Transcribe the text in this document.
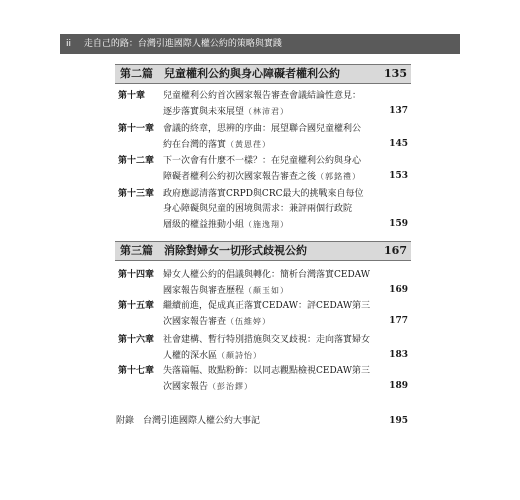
ii 走自己的路：台灣引進國際人權公約的策略與實踐
第二篇　兒童權利公約與身心障礙者權利公約	135
第十章 兒童權利公約首次國家報告審查會議結論性意見：
逐步落實與未來展望（林沛君）	137
第十一章 會議的終章，思辨的序曲：展望聯合國兒童權利公
約在台灣的落實（黃恩荏）	145
第十二章 下一次會有什麼不一樣？：在兒童權利公約與身心
障礙者權利公約初次國家報告審查之後（郭銘禮）	153
第十三章 政府應認清落實CRPD與CRC最大的挑戰來自每位
身心障礙與兒童的困境與需求：兼評兩個行政院
層級的權益推動小組（施逸翔）	159
第三篇　消除對婦女一切形式歧視公約	167
第十四章 婦女人權公約的倡議與轉化：簡析台灣落實CEDAW
國家報告與審查歷程（顏玉如）	169
第十五章 繼續前進，促成真正落實CEDAW：評CEDAW第三
次國家報告審查（伍維婷）	177
第十六章 社會建構、暫行特別措施與交叉歧視：走向落實婦女
人權的深水區（顏詩怡）	183
第十七章 失落篇幅、敗點粉飾：以同志觀點檢視CEDAW第三
次國家報告（彭治鏐）	189
附錄　台灣引進國際人權公約大事記	195
